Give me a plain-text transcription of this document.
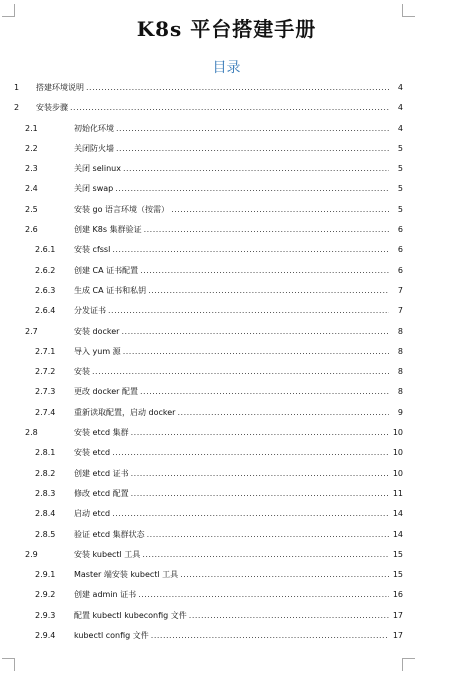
K8s 平台搭建手册
目录
1 搭建环境说明 .....	4
2 安装步骤 .....	4
2.1	初始化环境 .....	4
2.2	关闭防火墙 .....	5
2.3	关闭 selinux .....	5
2.4	关闭 swap .....	5
2.5	安装 go 语言环境（按需） .....	5
2.6	创建 K8s 集群验证 .....	6
2.6.1 安装 cfssl .....	6
2.6.2 创建 CA 证书配置 .....	6
2.6.3 生成 CA 证书和私钥 .....	7
2.6.4 分发证书 .....	7
2.7	安装 docker .....	8
2.7.1 导入 yum 源 .....	8
2.7.2 安装 .....	8
2.7.3 更改 docker 配置 .....	8
2.7.4 重新读取配置，启动 docker .....	9
2.8	安装 etcd 集群 .....	10
2.8.1 安装 etcd .....	10
2.8.2 创建 etcd 证书 .....	10
2.8.3 修改 etcd 配置 .....	11
2.8.4 启动 etcd .....	14
2.8.5 验证 etcd 集群状态 .....	14
2.9	安装 kubectl 工具 .....	15
2.9.1 Master 端安装 kubectl 工具 .....	15
2.9.2 创建 admin 证书 .....	16
2.9.3 配置 kubectl kubeconfig 文件 .....	17
2.9.4 kubectl config 文件 .....	17
